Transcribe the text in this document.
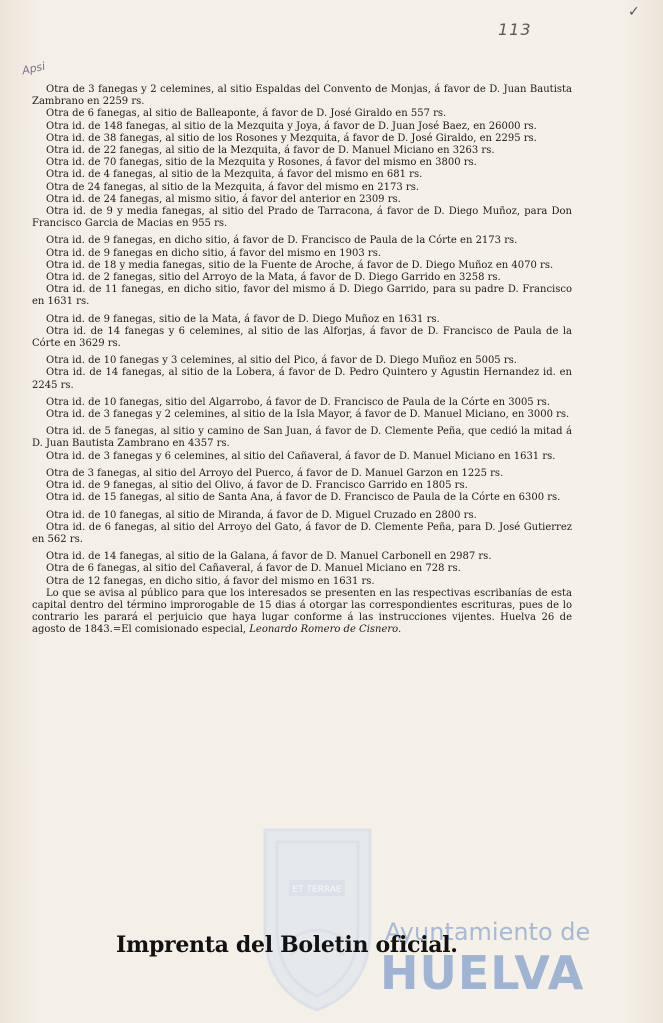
✓
113
Apsi

Otra de 3 fanegas y 2 celemines, al sitio Espaldas del Convento de Monjas, á favor de D. Juan Bautista Zambrano en 2259 rs.

Otra de 6 fanegas, al sitio de Balleaponte, á favor de D. José Giraldo en 557 rs.

Otra id. de 148 fanegas, al sitio de la Mezquita y Joya, á favor de D. Juan José Baez, en 26000 rs.

Otra id. de 38 fanegas, al sitio de los Rosones y Mezquita, á favor de D. José Giraldo, en 2295 rs.

Otra id. de 22 fanegas, al sitio de la Mezquita, á favor de D. Manuel Miciano en 3263 rs.

Otra id. de 70 fanegas, sitio de la Mezquita y Rosones, á favor del mismo en 3800 rs.

Otra id. de 4 fanegas, al sitio de la Mezquita, á favor del mismo en 681 rs.

Otra de 24 fanegas, al sitio de la Mezquita, á favor del mismo en 2173 rs.

Otra id. de 24 fanegas, al mismo sitio, á favor del anterior en 2309 rs.

Otra id. de 9 y media fanegas, al sitio del Prado de Tarracona, á favor de D. Diego Muñoz, para Don Francisco Garcia de Macias en 955 rs.

Otra id. de 9 fanegas, en dicho sitio, á favor de D. Francisco de Paula de la Córte en 2173 rs.

Otra id. de 9 fanegas en dicho sitio, á favor del mismo en 1903 rs.

Otra id. de 18 y media fanegas, sitio de la Fuente de Aroche, á favor de D. Diego Muñoz en 4070 rs.

Otra id. de 2 fanegas, sitio del Arroyo de la Mata, á favor de D. Diego Garrido en 3258 rs.

Otra id. de 11 fanegas, en dicho sitio, favor del mismo á D. Diego Garrido, para su padre D. Francisco en 1631 rs.

Otra id. de 9 fanegas, sitio de la Mata, á favor de D. Diego Muñoz en 1631 rs.

Otra id. de 14 fanegas y 6 celemines, al sitio de las Alforjas, á favor de D. Francisco de Paula de la Córte en 3629 rs.

Otra id. de 10 fanegas y 3 celemines, al sitio del Pico, á favor de D. Diego Muñoz en 5005 rs.

Otra id. de 14 fanegas, al sitio de la Lobera, á favor de D. Pedro Quintero y Agustin Hernandez id. en 2245 rs.

Otra id. de 10 fanegas, sitio del Algarrobo, á favor de D. Francisco de Paula de la Córte en 3005 rs.

Otra id. de 3 fanegas y 2 celemines, al sitio de la Isla Mayor, á favor de D. Manuel Miciano, en 3000 rs.

Otra id. de 5 fanegas, al sitio y camino de San Juan, á favor de D. Clemente Peña, que cedió la mitad á D. Juan Bautista Zambrano en 4357 rs.

Otra id. de 3 fanegas y 6 celemines, al sitio del Cañaveral, á favor de D. Manuel Miciano en 1631 rs.

Otra de 3 fanegas, al sitio del Arroyo del Puerco, á favor de D. Manuel Garzon en 1225 rs.

Otra id. de 9 fanegas, al sitio del Olivo, á favor de D. Francisco Garrido en 1805 rs.

Otra id. de 15 fanegas, al sitio de Santa Ana, á favor de D. Francisco de Paula de la Córte en 6300 rs.

Otra id. de 10 fanegas, al sitio de Miranda, á favor de D. Miguel Cruzado en 2800 rs.

Otra id. de 6 fanegas, al sitio del Arroyo del Gato, á favor de D. Clemente Peña, para D. José Gutierrez en 562 rs.

Otra id. de 14 fanegas, al sitio de la Galana, á favor de D. Manuel Carbonell en 2987 rs.

Otra de 6 fanegas, al sitio del Cañaveral, á favor de D. Manuel Miciano en 728 rs.

Otra de 12 fanegas, en dicho sitio, á favor del mismo en 1631 rs.

Lo que se avisa al público para que los interesados se presenten en las respectivas escribanías de esta capital dentro del término improrogable de 15 dias á otorgar las correspondientes escrituras, pues de lo contrario les parará el perjuicio que haya lugar conforme á las instrucciones vijentes. Huelva 26 de agosto de 1843.=El comisionado especial, Leonardo Romero de Cisnero.

ET TERRAE
Ayuntamiento de
HUELVA
Imprenta del Boletin oficial.
